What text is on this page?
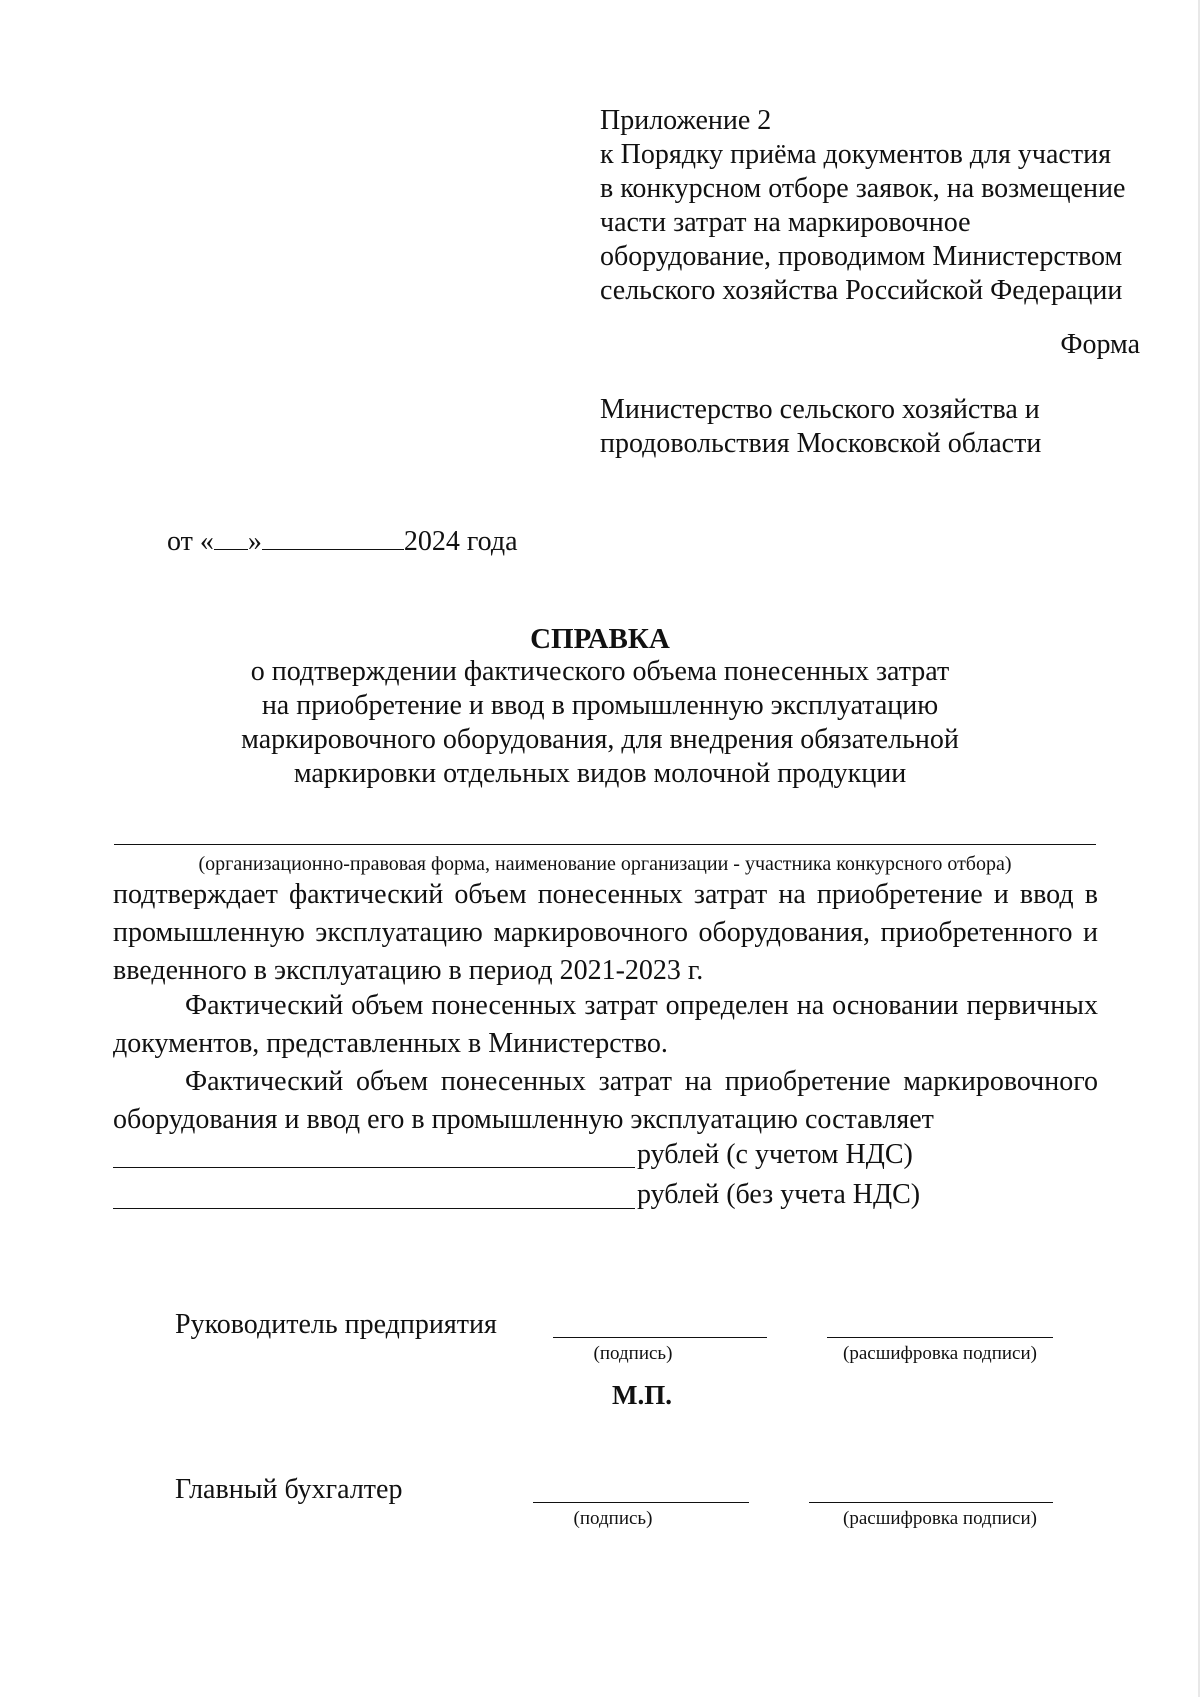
Приложение 2
к Порядку приёма документов для участия
в конкурсном отборе заявок, на возмещение
части затрат на маркировочное
оборудование, проводимом Министерством
сельского хозяйства Российской Федерации
Форма
Министерство сельского хозяйства и
продовольствия Московской области
от « »	2024 года
СПРАВКА
о подтверждении фактического объема понесенных затрат
на приобретение и ввод в промышленную эксплуатацию
маркировочного оборудования, для внедрения обязательной
маркировки отдельных видов молочной продукции
(организационно-правовая форма, наименование организации - участника конкурсного отбора)

подтверждает фактический объем понесенных затрат на приобретение и ввод в промышленную эксплуатацию маркировочного оборудования, приобретенного и введенного в эксплуатацию в период 2021-2023 г.

Фактический объем понесенных затрат определен на основании первичных документов, представленных в Министерство.

Фактический объем понесенных затрат на приобретение маркировочного оборудования и ввод его в промышленную эксплуатацию составляет

рублей (с учетом НДС)
рублей (без учета НДС)
Руководитель предприятия
(подпись)	(расшифровка подписи)
М.П.
Главный бухгалтер
(подпись)	(расшифровка подписи)
